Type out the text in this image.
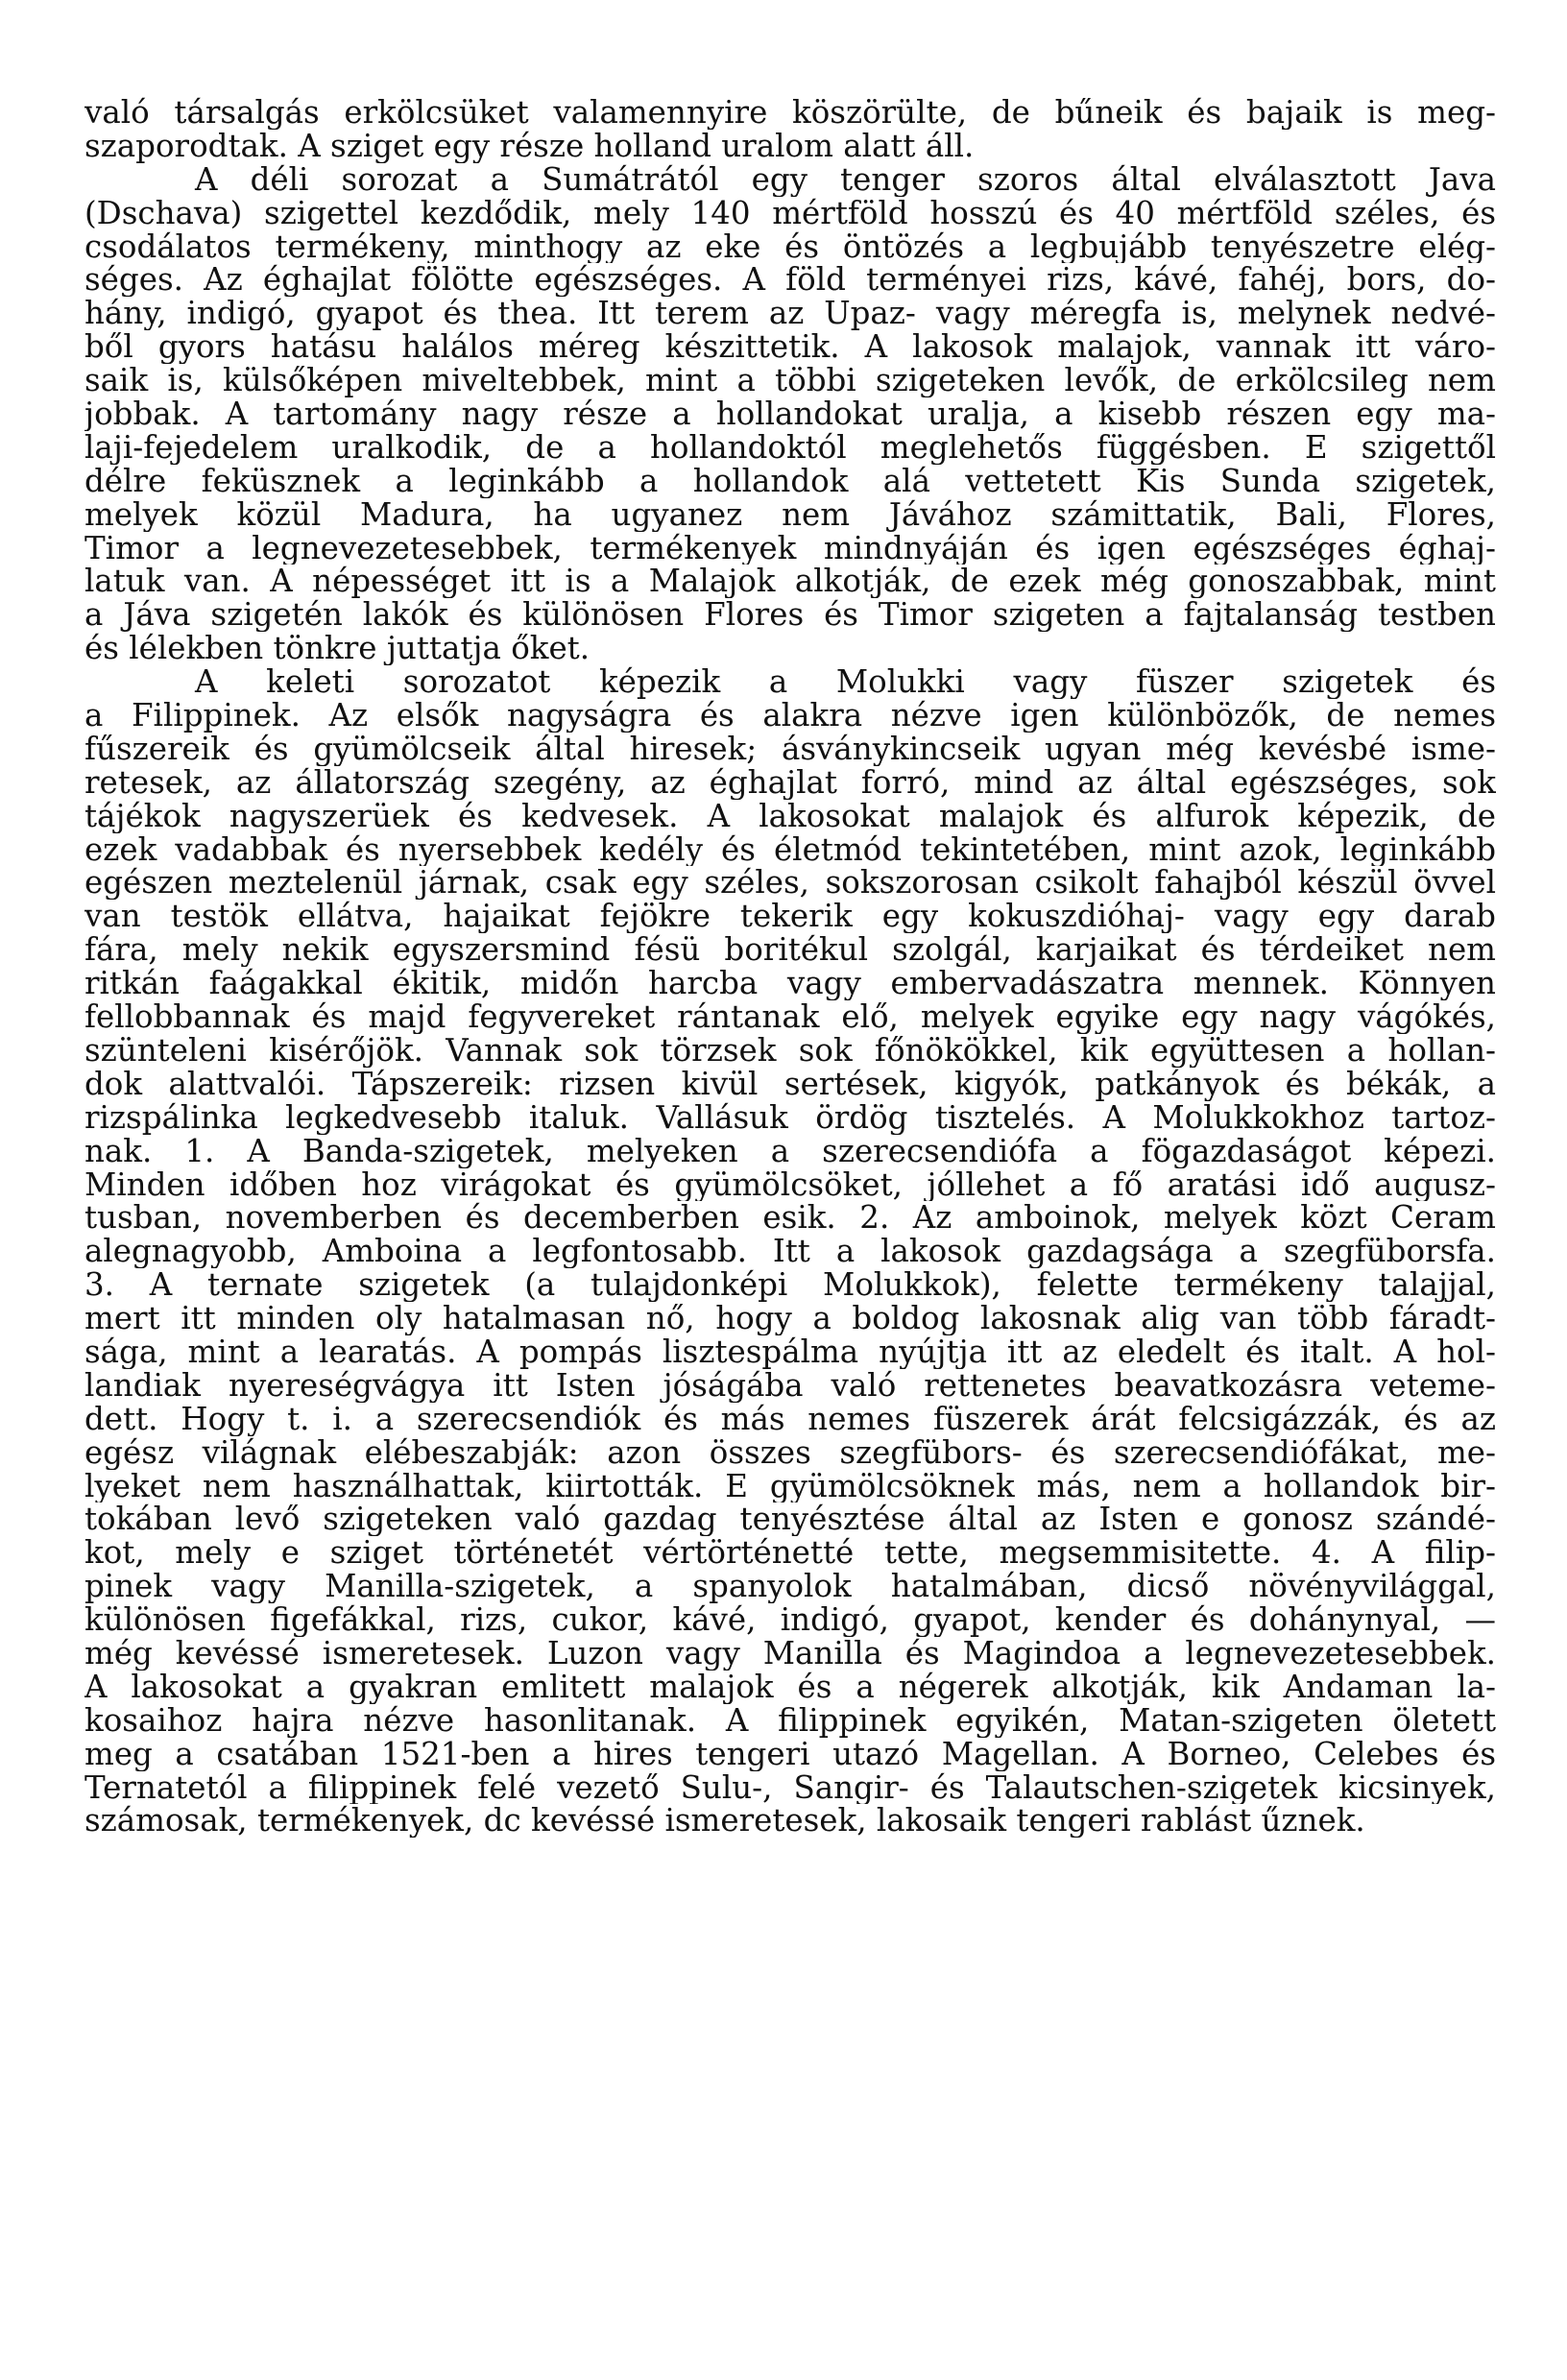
való társalgás erkölcsüket valamennyire köszörülte, de bűneik és bajaik is meg-
szaporodtak. A sziget egy része holland uralom alatt áll.
A déli sorozat a Sumátrától egy tenger szoros által elválasztott Java
(Dschava) szigettel kezdődik, mely 140 mértföld hosszú és 40 mértföld széles, és
csodálatos termékeny, minthogy az eke és öntözés a legbujább tenyészetre elég-
séges. Az éghajlat fölötte egészséges. A föld terményei rizs, kávé, fahéj, bors, do-
hány, indigó, gyapot és thea. Itt terem az Upaz- vagy méregfa is, melynek nedvé-
ből gyors hatásu halálos méreg készittetik. A lakosok malajok, vannak itt váro-
saik is, külsőképen miveltebbek, mint a többi szigeteken levők, de erkölcsileg nem
jobbak. A tartomány nagy része a hollandokat uralja, a kisebb részen egy ma-
laji-fejedelem uralkodik, de a hollandoktól meglehetős függésben. E szigettől
délre feküsznek a leginkább a hollandok alá vettetett Kis Sunda szigetek,
melyek közül Madura, ha ugyanez nem Jávához számittatik, Bali, Flores,
Timor a legnevezetesebbek, termékenyek mindnyáján és igen egészséges éghaj-
latuk van. A népességet itt is a Malajok alkotják, de ezek még gonoszabbak, mint
a Jáva szigetén lakók és különösen Flores és Timor szigeten a fajtalanság testben
és lélekben tönkre juttatja őket.
A keleti sorozatot képezik a Molukki vagy füszer szigetek és
a Filippinek. Az elsők nagyságra és alakra nézve igen különbözők, de nemes
fűszereik és gyümölcseik által hiresek; ásványkincseik ugyan még kevésbé isme-
retesek, az állatország szegény, az éghajlat forró, mind az által egészséges, sok
tájékok nagyszerüek és kedvesek. A lakosokat malajok és alfurok képezik, de
ezek vadabbak és nyersebbek kedély és életmód tekintetében, mint azok, leginkább
egészen meztelenül járnak, csak egy széles, sokszorosan csikolt fahajból készül övvel
van testök ellátva, hajaikat fejökre tekerik egy kokuszdióhaj- vagy egy darab
fára, mely nekik egyszersmind fésü boritékul szolgál, karjaikat és térdeiket nem
ritkán faágakkal ékitik, midőn harcba vagy embervadászatra mennek. Könnyen
fellobbannak és majd fegyvereket rántanak elő, melyek egyike egy nagy vágókés,
szünteleni kisérőjök. Vannak sok törzsek sok főnökökkel, kik együttesen a hollan-
dok alattvalói. Tápszereik: rizsen kivül sertések, kigyók, patkányok és békák, a
rizspálinka legkedvesebb italuk. Vallásuk ördög tisztelés. A Molukkokhoz tartoz-
nak. 1. A Banda-szigetek, melyeken a szerecsendiófa a fögazdaságot képezi.
Minden időben hoz virágokat és gyümölcsöket, jóllehet a fő aratási idő augusz-
tusban, novemberben és decemberben esik. 2. Az amboinok, melyek közt Ceram
alegnagyobb, Amboina a legfontosabb. Itt a lakosok gazdagsága a szegfüborsfa.
3. A ternate szigetek (a tulajdonképi Molukkok), felette termékeny talajjal,
mert itt minden oly hatalmasan nő, hogy a boldog lakosnak alig van több fáradt-
sága, mint a learatás. A pompás lisztespálma nyújtja itt az eledelt és italt. A hol-
landiak nyereségvágya itt Isten jóságába való rettenetes beavatkozásra veteme-
dett. Hogy t. i. a szerecsendiók és más nemes füszerek árát felcsigázzák, és az
egész világnak elébeszabják: azon összes szegfübors- és szerecsendiófákat, me-
lyeket nem használhattak, kiirtották. E gyümölcsöknek más, nem a hollandok bir-
tokában levő szigeteken való gazdag tenyésztése által az Isten e gonosz szándé-
kot, mely e sziget történetét vértörténetté tette, megsemmisitette. 4. A filip-
pinek vagy Manilla-szigetek, a spanyolok hatalmában, dicső növényvilággal,
különösen figefákkal, rizs, cukor, kávé, indigó, gyapot, kender és dohánynyal, —
még kevéssé ismeretesek. Luzon vagy Manilla és Magindoa a legnevezetesebbek.
A lakosokat a gyakran emlitett malajok és a négerek alkotják, kik Andaman la-
kosaihoz hajra nézve hasonlitanak. A filippinek egyikén, Matan-szigeten öletett
meg a csatában 1521-ben a hires tengeri utazó Magellan. A Borneo, Celebes és
Ternatetól a filippinek felé vezető Sulu-, Sangir- és Talautschen-szigetek kicsinyek,
számosak, termékenyek, dc kevéssé ismeretesek, lakosaik tengeri rablást űznek.
